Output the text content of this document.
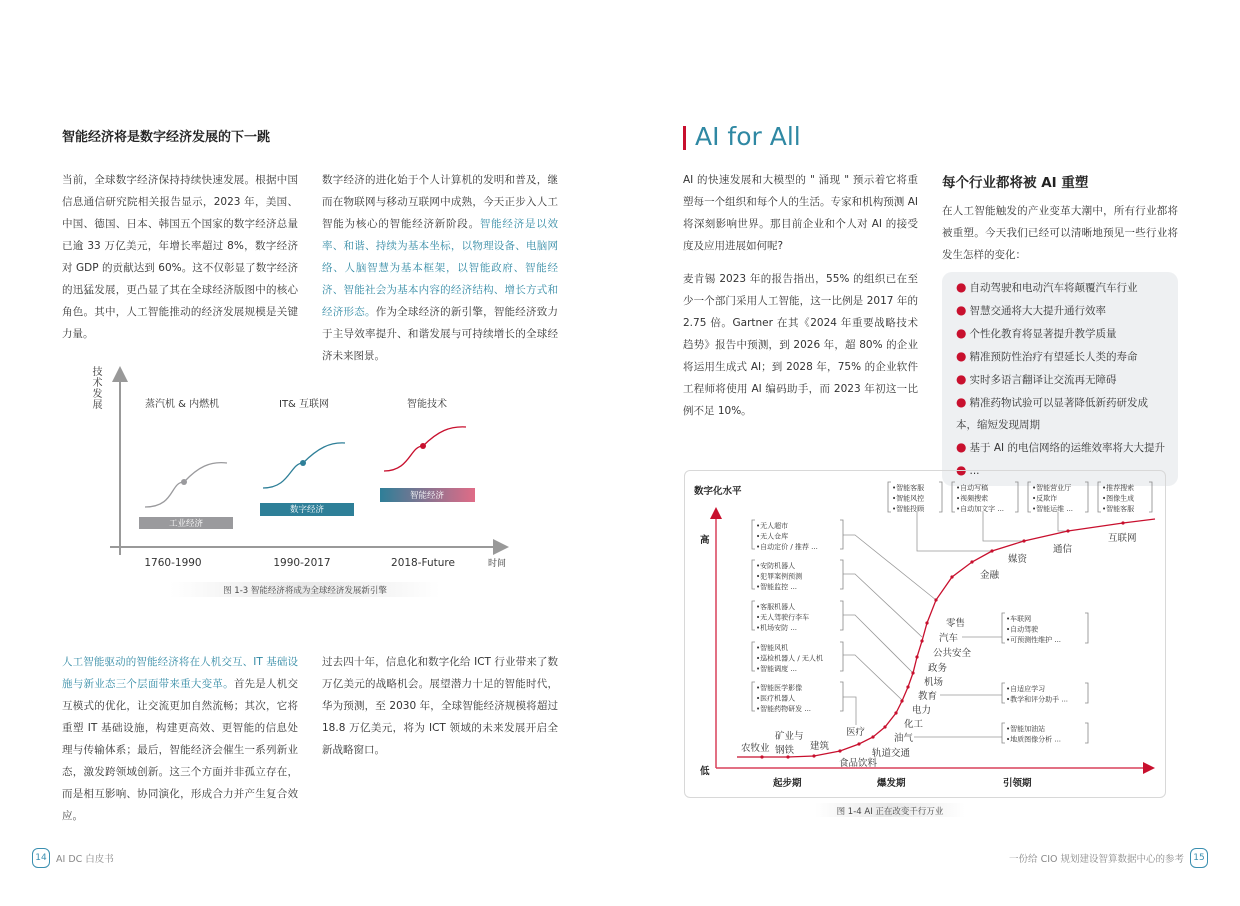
智能经济将是数字经济发展的下一跳
当前，全球数字经济保持持续快速发展。根据中国信息通信研究院相关报告显示，2023 年，美国、中国、德国、日本、韩国五个国家的数字经济总量已逾 33 万亿美元，年增长率超过 8%，数字经济对 GDP 的贡献达到 60%。这不仅彰显了数字经济的迅猛发展，更凸显了其在全球经济版图中的核心角色。其中，人工智能推动的经济发展规模是关键力量。
数字经济的进化始于个人计算机的发明和普及，继而在物联网与移动互联网中成熟，今天正步入人工智能为核心的智能经济新阶段。智能经济是以效率、和谐、持续为基本坐标，以物理设备、电脑网络、人脑智慧为基本框架，以智能政府、智能经济、智能社会为基本内容的经济结构、增长方式和经济形态。作为全球经济的新引擎，智能经济致力于主导效率提升、和谐发展与可持续增长的全球经济未来图景。
技术发展
时间
蒸汽机 & 内燃机	IT& 互联网	智能技术
工业经济
数字经济
智能经济
1760-1990	1990-2017	2018-Future
图 1-3 智能经济将成为全球经济发展新引擎
人工智能驱动的智能经济将在人机交互、IT 基础设施与新业态三个层面带来重大变革。首先是人机交互模式的优化，让交流更加自然流畅；其次，它将重塑 IT 基础设施，构建更高效、更智能的信息处理与传输体系；最后，智能经济会催生一系列新业态，激发跨领域创新。这三个方面并非孤立存在，而是相互影响、协同演化，形成合力并产生复合效应。
过去四十年，信息化和数字化给 ICT 行业带来了数万亿美元的战略机会。展望潜力十足的智能时代，华为预测，至 2030 年，全球智能经济规模将超过 18.8 万亿美元，将为 ICT 领域的未来发展开启全新战略窗口。
14 AI DC 白皮书
AI for All
AI 的快速发展和大模型的 " 涌现 " 预示着它将重塑每一个组织和每个人的生活。专家和机构预测 AI 将深刻影响世界。那目前企业和个人对 AI 的接受度及应用进展如何呢?
麦肯锡 2023 年的报告指出，55% 的组织已在至少一个部门采用人工智能，这一比例是 2017 年的 2.75 倍。Gartner 在其《2024 年重要战略技术趋势》报告中预测，到 2026 年，超 80% 的企业将运用生成式 AI；到 2028 年，75% 的企业软件工程师将使用 AI 编码助手，而 2023 年初这一比例不足 10%。
每个行业都将被 AI 重塑
在人工智能触发的产业变革大潮中，所有行业都将被重塑。今天我们已经可以清晰地预见一些行业将发生怎样的变化：
● 自动驾驶和电动汽车将颠覆汽车行业
● 智慧交通将大大提升通行效率
● 个性化教育将显著提升教学质量
● 精准预防性治疗有望延长人类的寿命
● 实时多语言翻译让交流再无障碍
● 精准药物试验可以显著降低新药研发成本，缩短发现周期
● 基于 AI 的电信网络的运维效率将大大提升
● ...
数字化水平
高
低
起步期	爆发期	引领期
•无人超市
•无人仓库
•自动定价 / 推荐 ...
•安防机器人
•犯罪案例预测
•智能监控 ...
•客服机器人
•无人驾驶行李车
•机场安防 ...
•智能风机
•巡检机器人 / 无人机
•智能调度 ...
•智能医学影像
•医疗机器人
•智能药物研发 ...
•智能客服
•智能风控
•智能投顾
•自动写稿
•视频搜索
•自动加文字 ...
•智能营业厅
•反欺诈
•智能运维 ...
•推荐搜索
•图像生成
•智能客服
•车联网
•自动驾驶
•可预测性维护 ...
•自适应学习
•教学和评分助手 ...
•智能加油站
•地质图像分析 ...
农牧业
矿业与
钢铁 建筑
医疗
食品饮料
轨道交通
油气
化工
电力
教育
机场
政务
公共安全
汽车
零售
金融
媒资
通信
互联网
图 1-4 AI 正在改变千行万业
一份给 CIO 规划建设智算数据中心的参考	15
